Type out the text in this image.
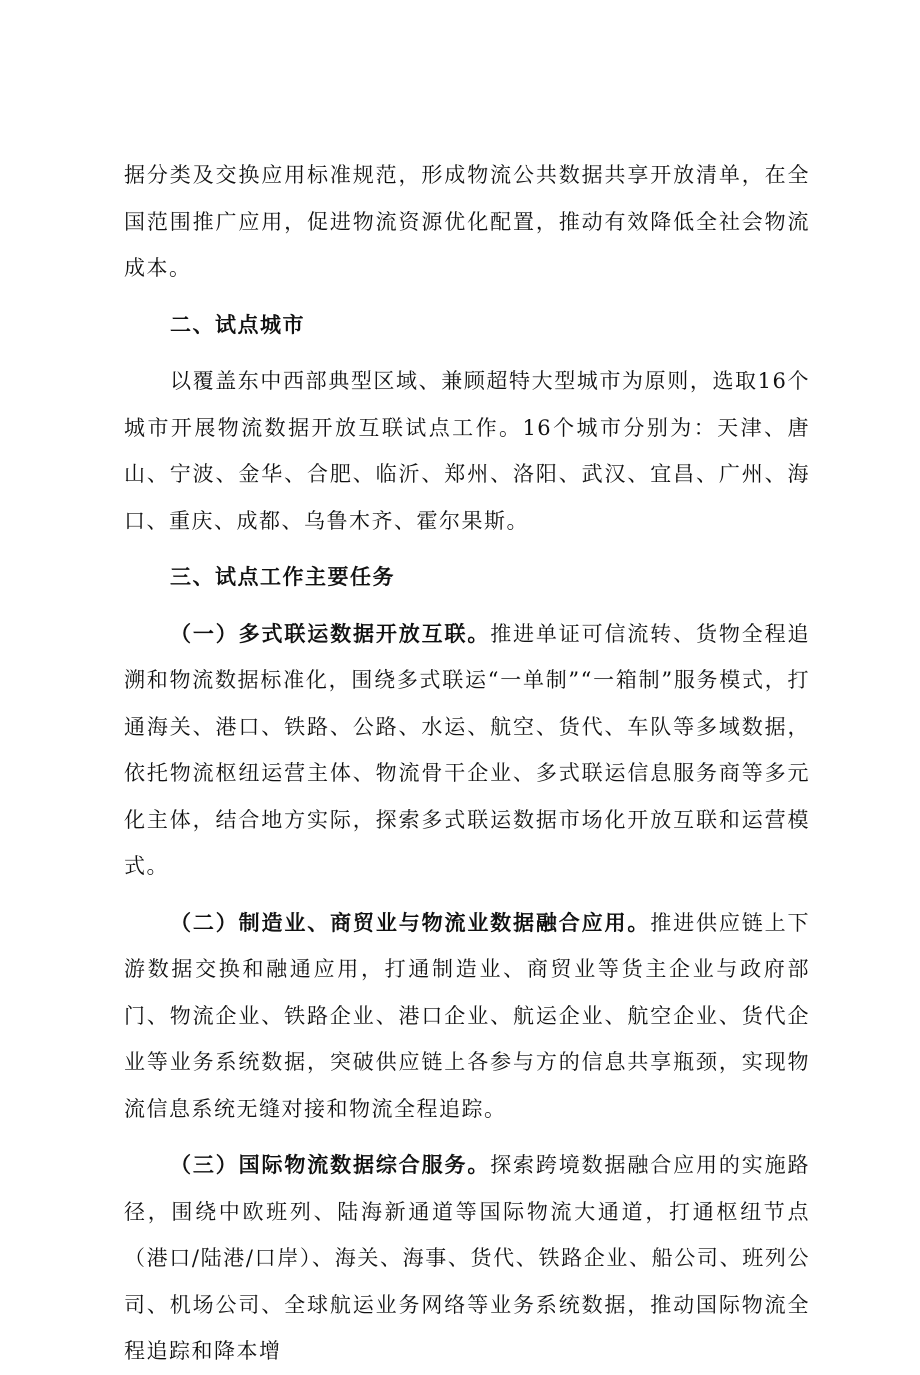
据分类及交换应用标准规范，形成物流公共数据共享开放清单，在全国范围推广应用，促进物流资源优化配置，推动有效降低全社会物流成本。

二、试点城市

以覆盖东中西部典型区域、兼顾超特大型城市为原则，选取16个城市开展物流数据开放互联试点工作。16个城市分别为：天津、唐山、宁波、金华、合肥、临沂、郑州、洛阳、武汉、宜昌、广州、海口、重庆、成都、乌鲁木齐、霍尔果斯。

三、试点工作主要任务

（一）多式联运数据开放互联。推进单证可信流转、货物全程追溯和物流数据标准化，围绕多式联运“一单制”“一箱制”服务模式，打通海关、港口、铁路、公路、水运、航空、货代、车队等多域数据，依托物流枢纽运营主体、物流骨干企业、多式联运信息服务商等多元化主体，结合地方实际，探索多式联运数据市场化开放互联和运营模式。

（二）制造业、商贸业与物流业数据融合应用。推进供应链上下游数据交换和融通应用，打通制造业、商贸业等货主企业与政府部门、物流企业、铁路企业、港口企业、航运企业、航空企业、货代企业等业务系统数据，突破供应链上各参与方的信息共享瓶颈，实现物流信息系统无缝对接和物流全程追踪。

（三）国际物流数据综合服务。探索跨境数据融合应用的实施路径，围绕中欧班列、陆海新通道等国际物流大通道，打通枢纽节点（港口/陆港/口岸）、海关、海事、货代、铁路企业、船公司、班列公司、机场公司、全球航运业务网络等业务系统数据，推动国际物流全程追踪和降本增
